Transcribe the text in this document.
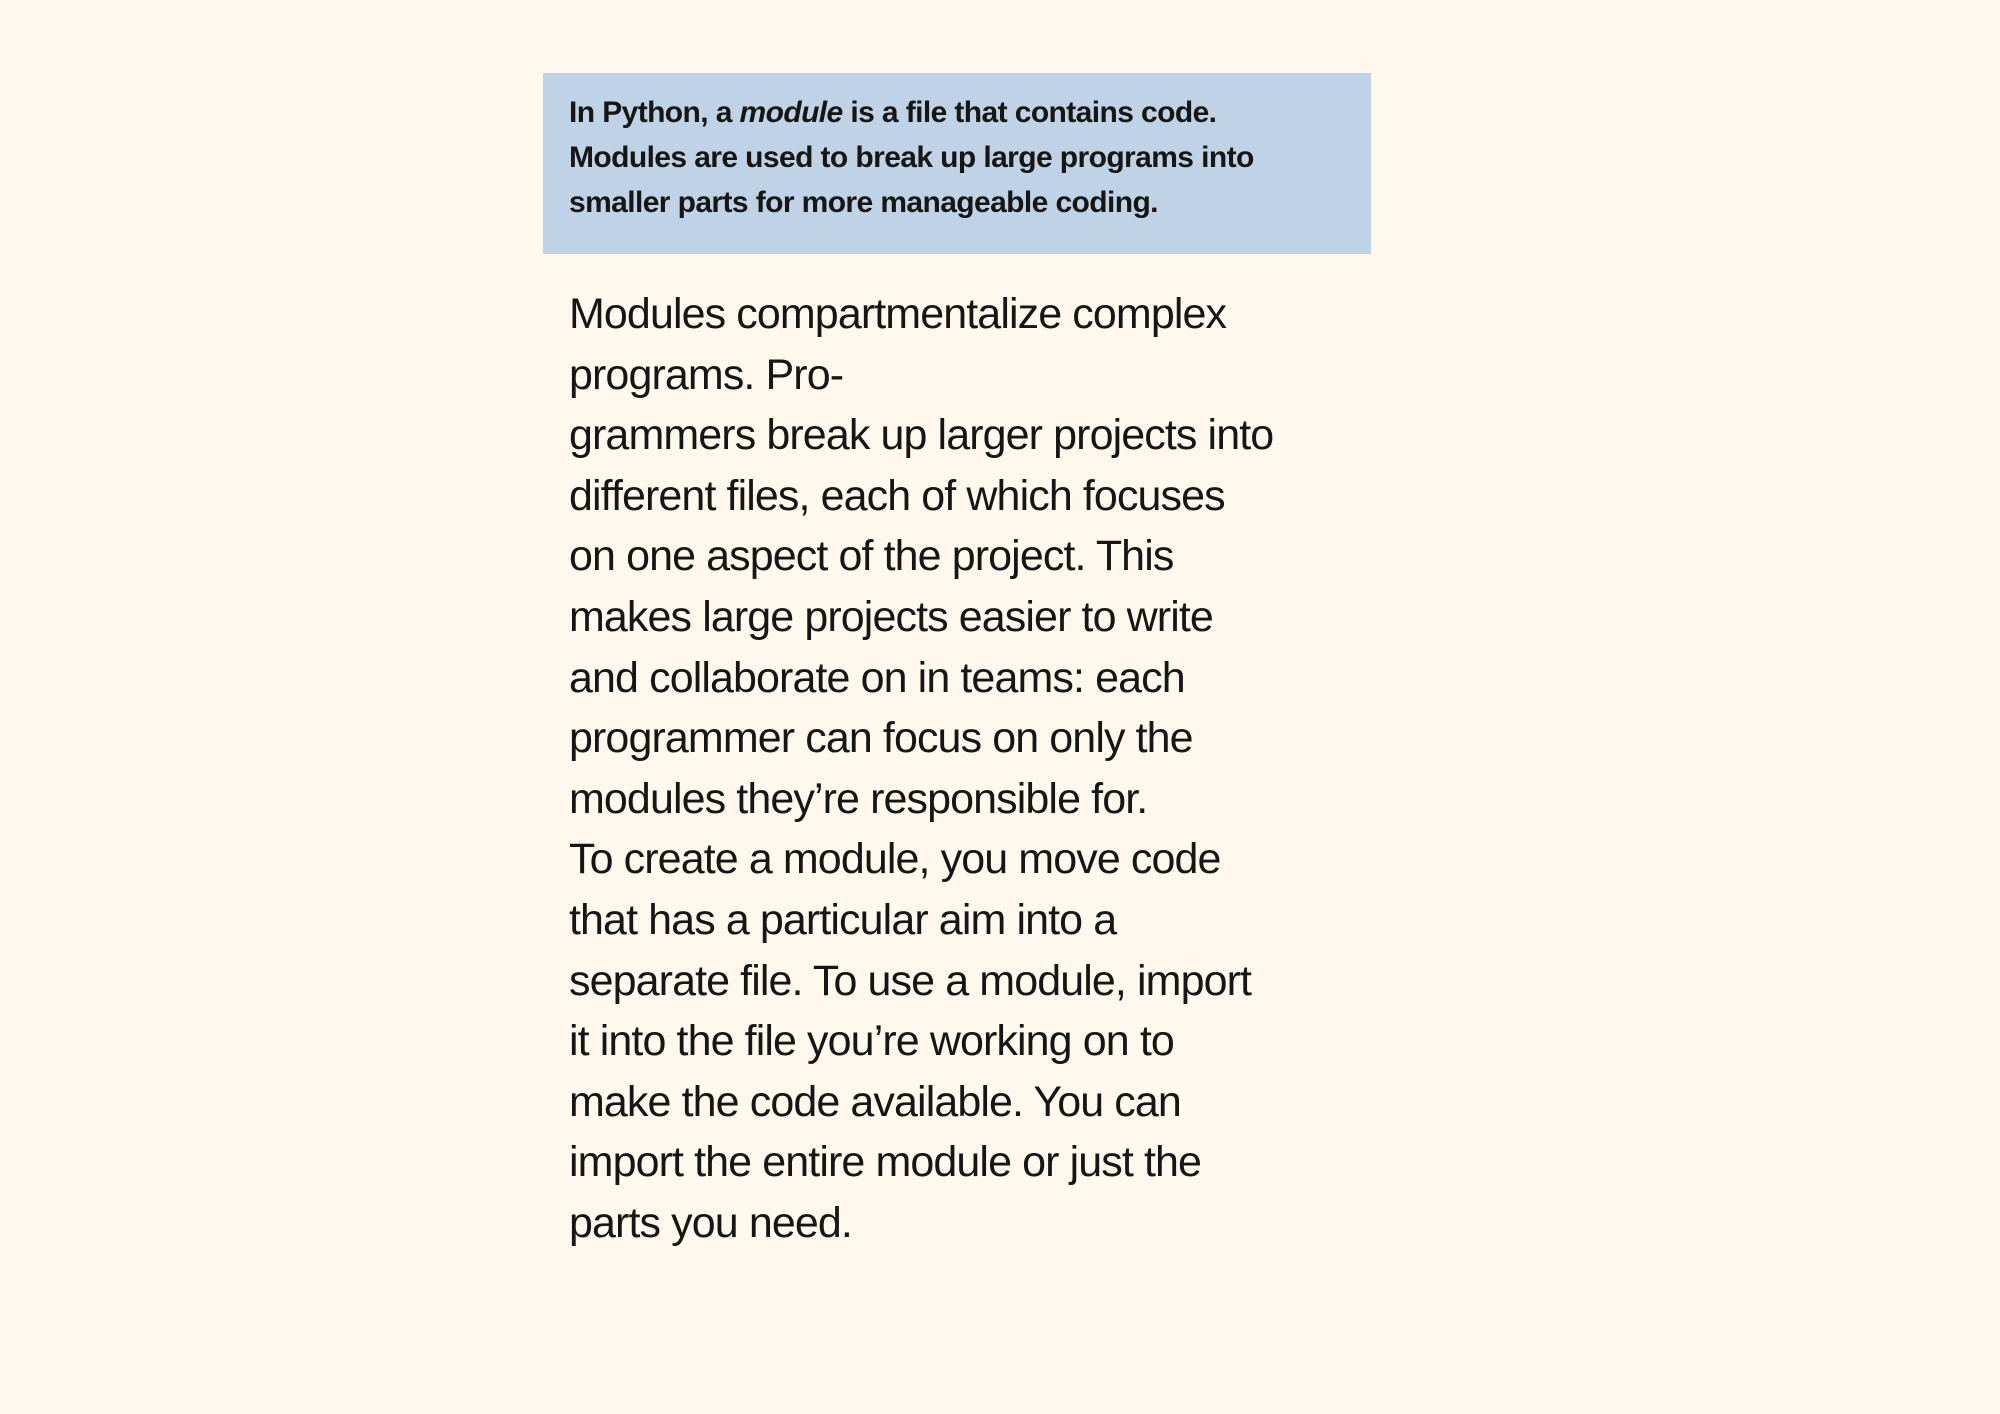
In Python, a module is a file that contains code.

Modules are used to break up large programs into

smaller parts for more manageable coding.

Modules compartmentalize complex
programs. Pro-
grammers break up larger projects into
different files, each of which focuses
on one aspect of the project. This
makes large projects easier to write
and collaborate on in teams: each
programmer can focus on only the
modules they’re responsible for.
To create a module, you move code
that has a particular aim into a
separate file. To use a module, import
it into the file you’re working on to
make the code available. You can
import the entire module or just the
parts you need.
